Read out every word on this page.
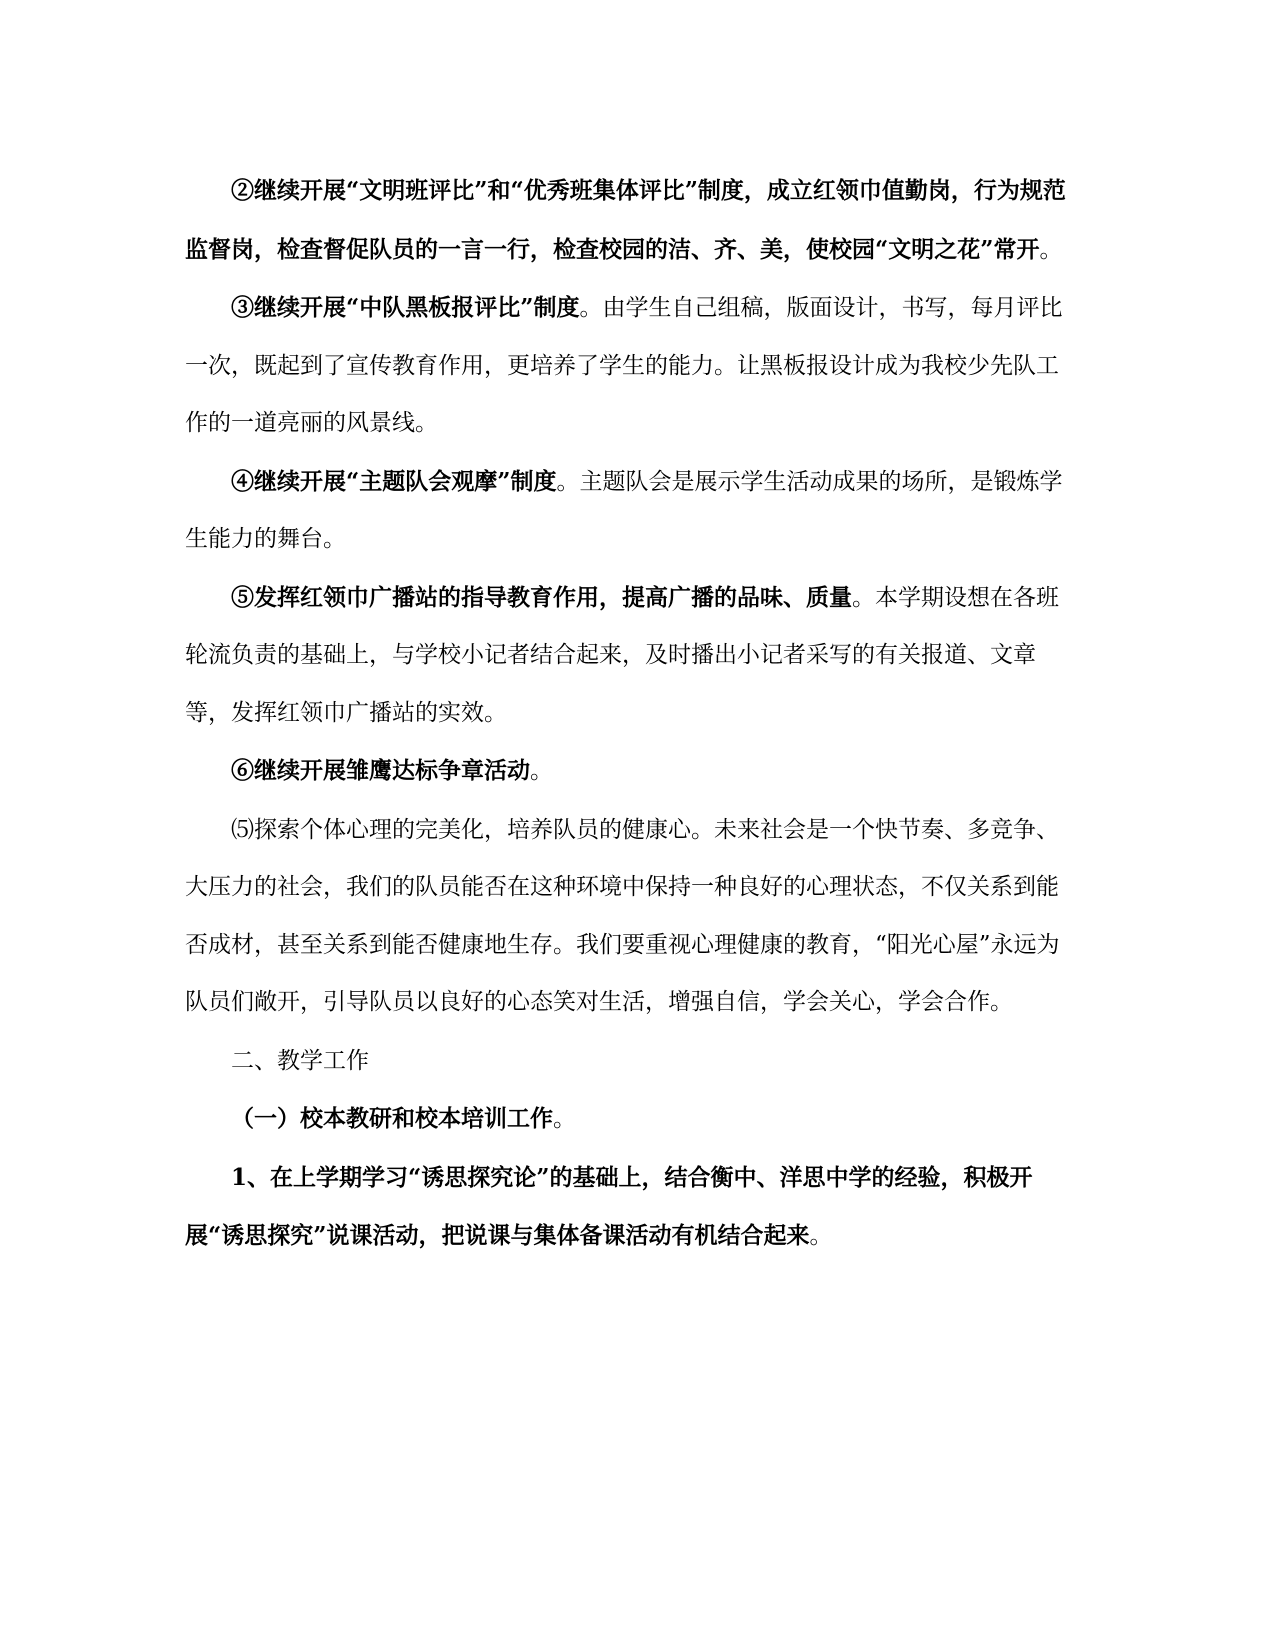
②继续开展“文明班评比”和“优秀班集体评比”制度，成立红领巾值勤岗，行为规范监督岗，检查督促队员的一言一行，检查校园的洁、齐、美，使校园“文明之花”常开。

③继续开展“中队黑板报评比”制度。由学生自己组稿，版面设计，书写，每月评比一次，既起到了宣传教育作用，更培养了学生的能力。让黑板报设计成为我校少先队工作的一道亮丽的风景线。

④继续开展“主题队会观摩”制度。主题队会是展示学生活动成果的场所，是锻炼学生能力的舞台。

⑤发挥红领巾广播站的指导教育作用，提高广播的品味、质量。本学期设想在各班轮流负责的基础上，与学校小记者结合起来，及时播出小记者采写的有关报道、文章等，发挥红领巾广播站的实效。

⑥继续开展雏鹰达标争章活动。

⑸探索个体心理的完美化，培养队员的健康心。未来社会是一个快节奏、多竞争、大压力的社会，我们的队员能否在这种环境中保持一种良好的心理状态，不仅关系到能否成材，甚至关系到能否健康地生存。我们要重视心理健康的教育，“阳光心屋”永远为队员们敞开，引导队员以良好的心态笑对生活，增强自信，学会关心，学会合作。

二、教学工作

（一）校本教研和校本培训工作。

1、在上学期学习“诱思探究论”的基础上，结合衡中、洋思中学的经验，积极开展“诱思探究”说课活动，把说课与集体备课活动有机结合起来。
